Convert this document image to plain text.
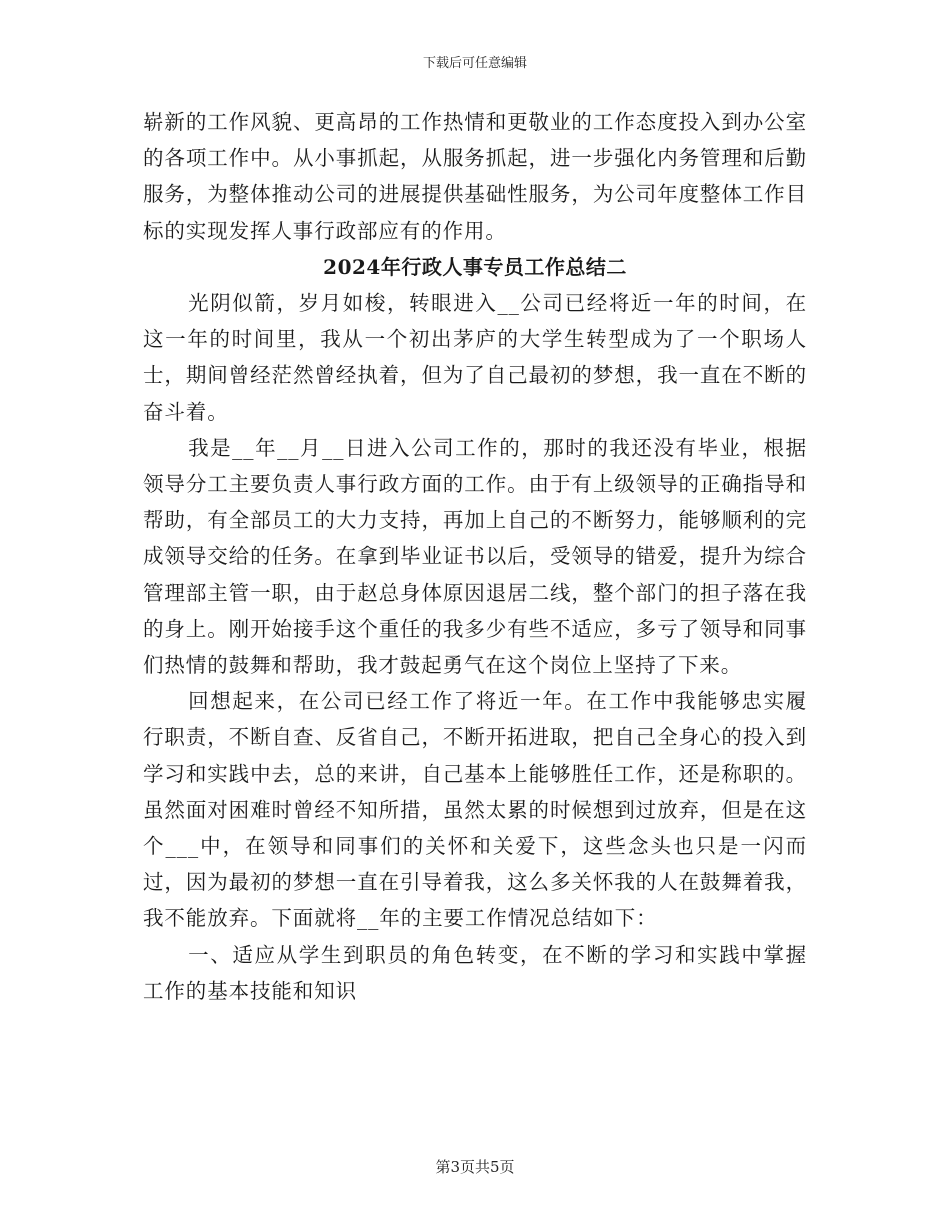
下载后可任意编辑

崭新的工作风貌、更高昂的工作热情和更敬业的工作态度投入到办公室的各项工作中。从小事抓起，从服务抓起，进一步强化内务管理和后勤服务，为整体推动公司的进展提供基础性服务，为公司年度整体工作目标的实现发挥人事行政部应有的作用。

2024年行政人事专员工作总结二

光阴似箭，岁月如梭，转眼进入__公司已经将近一年的时间，在这一年的时间里，我从一个初出茅庐的大学生转型成为了一个职场人士，期间曾经茫然曾经执着，但为了自己最初的梦想，我一直在不断的奋斗着。

我是__年__月__日进入公司工作的，那时的我还没有毕业，根据领导分工主要负责人事行政方面的工作。由于有上级领导的正确指导和帮助，有全部员工的大力支持，再加上自己的不断努力，能够顺利的完成领导交给的任务。在拿到毕业证书以后，受领导的错爱，提升为综合管理部主管一职，由于赵总身体原因退居二线，整个部门的担子落在我的身上。刚开始接手这个重任的我多少有些不适应，多亏了领导和同事们热情的鼓舞和帮助，我才鼓起勇气在这个岗位上坚持了下来。

回想起来，在公司已经工作了将近一年。在工作中我能够忠实履行职责，不断自查、反省自己，不断开拓进取，把自己全身心的投入到学习和实践中去，总的来讲，自己基本上能够胜任工作，还是称职的。虽然面对困难时曾经不知所措，虽然太累的时候想到过放弃，但是在这个___中，在领导和同事们的关怀和关爱下，这些念头也只是一闪而过，因为最初的梦想一直在引导着我，这么多关怀我的人在鼓舞着我，我不能放弃。下面就将__年的主要工作情况总结如下：

一、适应从学生到职员的角色转变，在不断的学习和实践中掌握工作的基本技能和知识

第3页共5页
